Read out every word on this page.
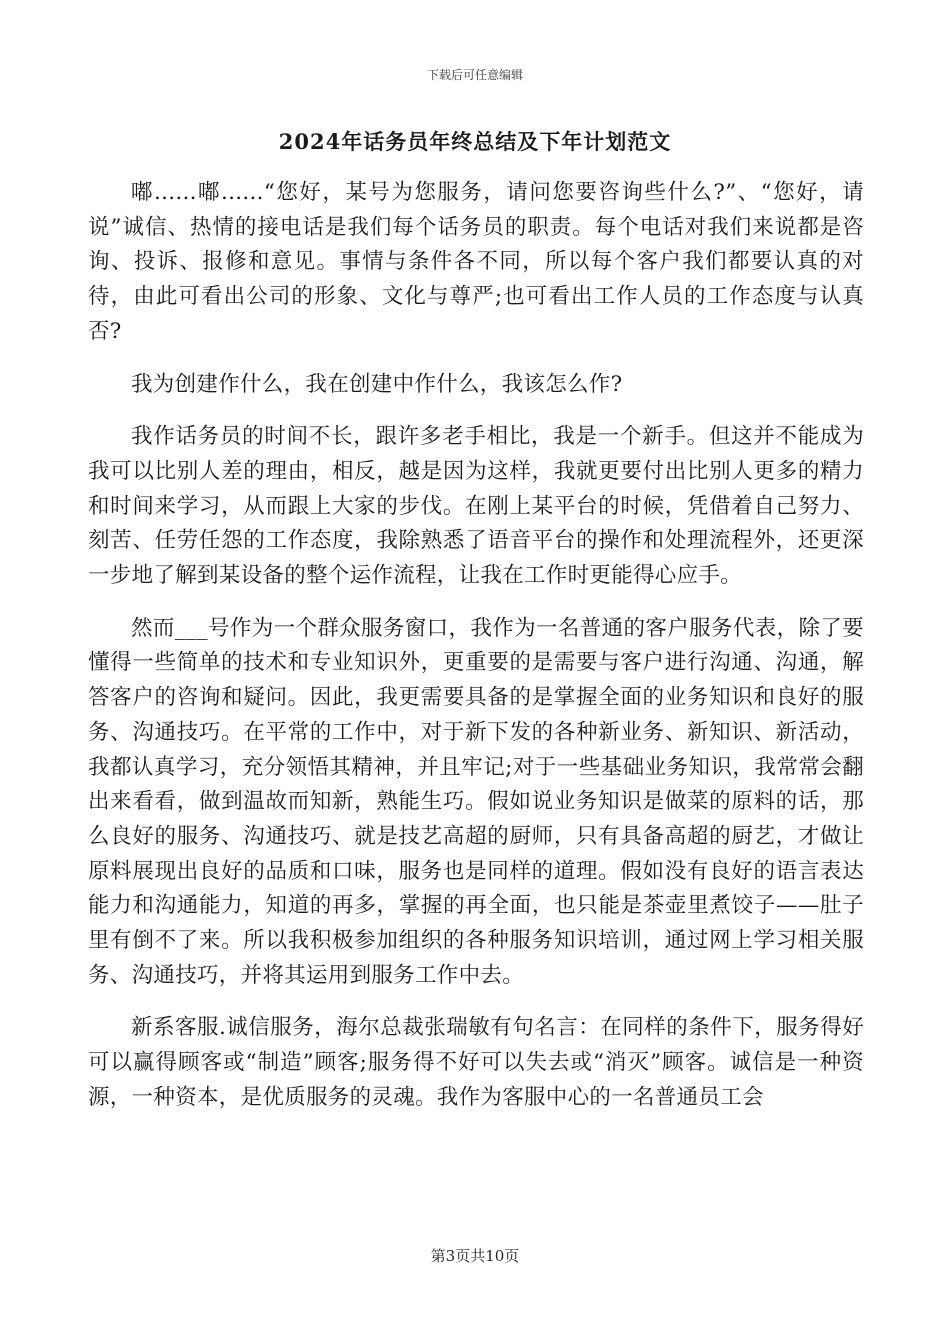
下载后可任意编辑
2024年话务员年终总结及下年计划范文

嘟......嘟......“您好，某号为您服务，请问您要咨询些什么?”、“您好，请说”诚信、热情的接电话是我们每个话务员的职责。每个电话对我们来说都是咨询、投诉、报修和意见。事情与条件各不同，所以每个客户我们都要认真的对待，由此可看出公司的形象、文化与尊严;也可看出工作人员的工作态度与认真否?

我为创建作什么，我在创建中作什么，我该怎么作?

我作话务员的时间不长，跟许多老手相比，我是一个新手。但这并不能成为我可以比别人差的理由，相反，越是因为这样，我就更要付出比别人更多的精力和时间来学习，从而跟上大家的步伐。在刚上某平台的时候，凭借着自己努力、刻苦、任劳任怨的工作态度，我除熟悉了语音平台的操作和处理流程外，还更深一步地了解到某设备的整个运作流程，让我在工作时更能得心应手。

然而___号作为一个群众服务窗口，我作为一名普通的客户服务代表，除了要懂得一些简单的技术和专业知识外，更重要的是需要与客户进行沟通、沟通，解答客户的咨询和疑问。因此，我更需要具备的是掌握全面的业务知识和良好的服务、沟通技巧。在平常的工作中，对于新下发的各种新业务、新知识、新活动，我都认真学习，充分领悟其精神，并且牢记;对于一些基础业务知识，我常常会翻出来看看，做到温故而知新，熟能生巧。假如说业务知识是做菜的原料的话，那么良好的服务、沟通技巧、就是技艺高超的厨师，只有具备高超的厨艺，才做让原料展现出良好的品质和口味，服务也是同样的道理。假如没有良好的语言表达能力和沟通能力，知道的再多，掌握的再全面，也只能是茶壶里煮饺子——肚子里有倒不了来。所以我积极参加组织的各种服务知识培训，通过网上学习相关服务、沟通技巧，并将其运用到服务工作中去。

新系客服.诚信服务，海尔总裁张瑞敏有句名言：在同样的条件下，服务得好可以赢得顾客或“制造”顾客;服务得不好可以失去或“消灭”顾客。诚信是一种资源，一种资本，是优质服务的灵魂。我作为客服中心的一名普通员工会

第3页共10页
